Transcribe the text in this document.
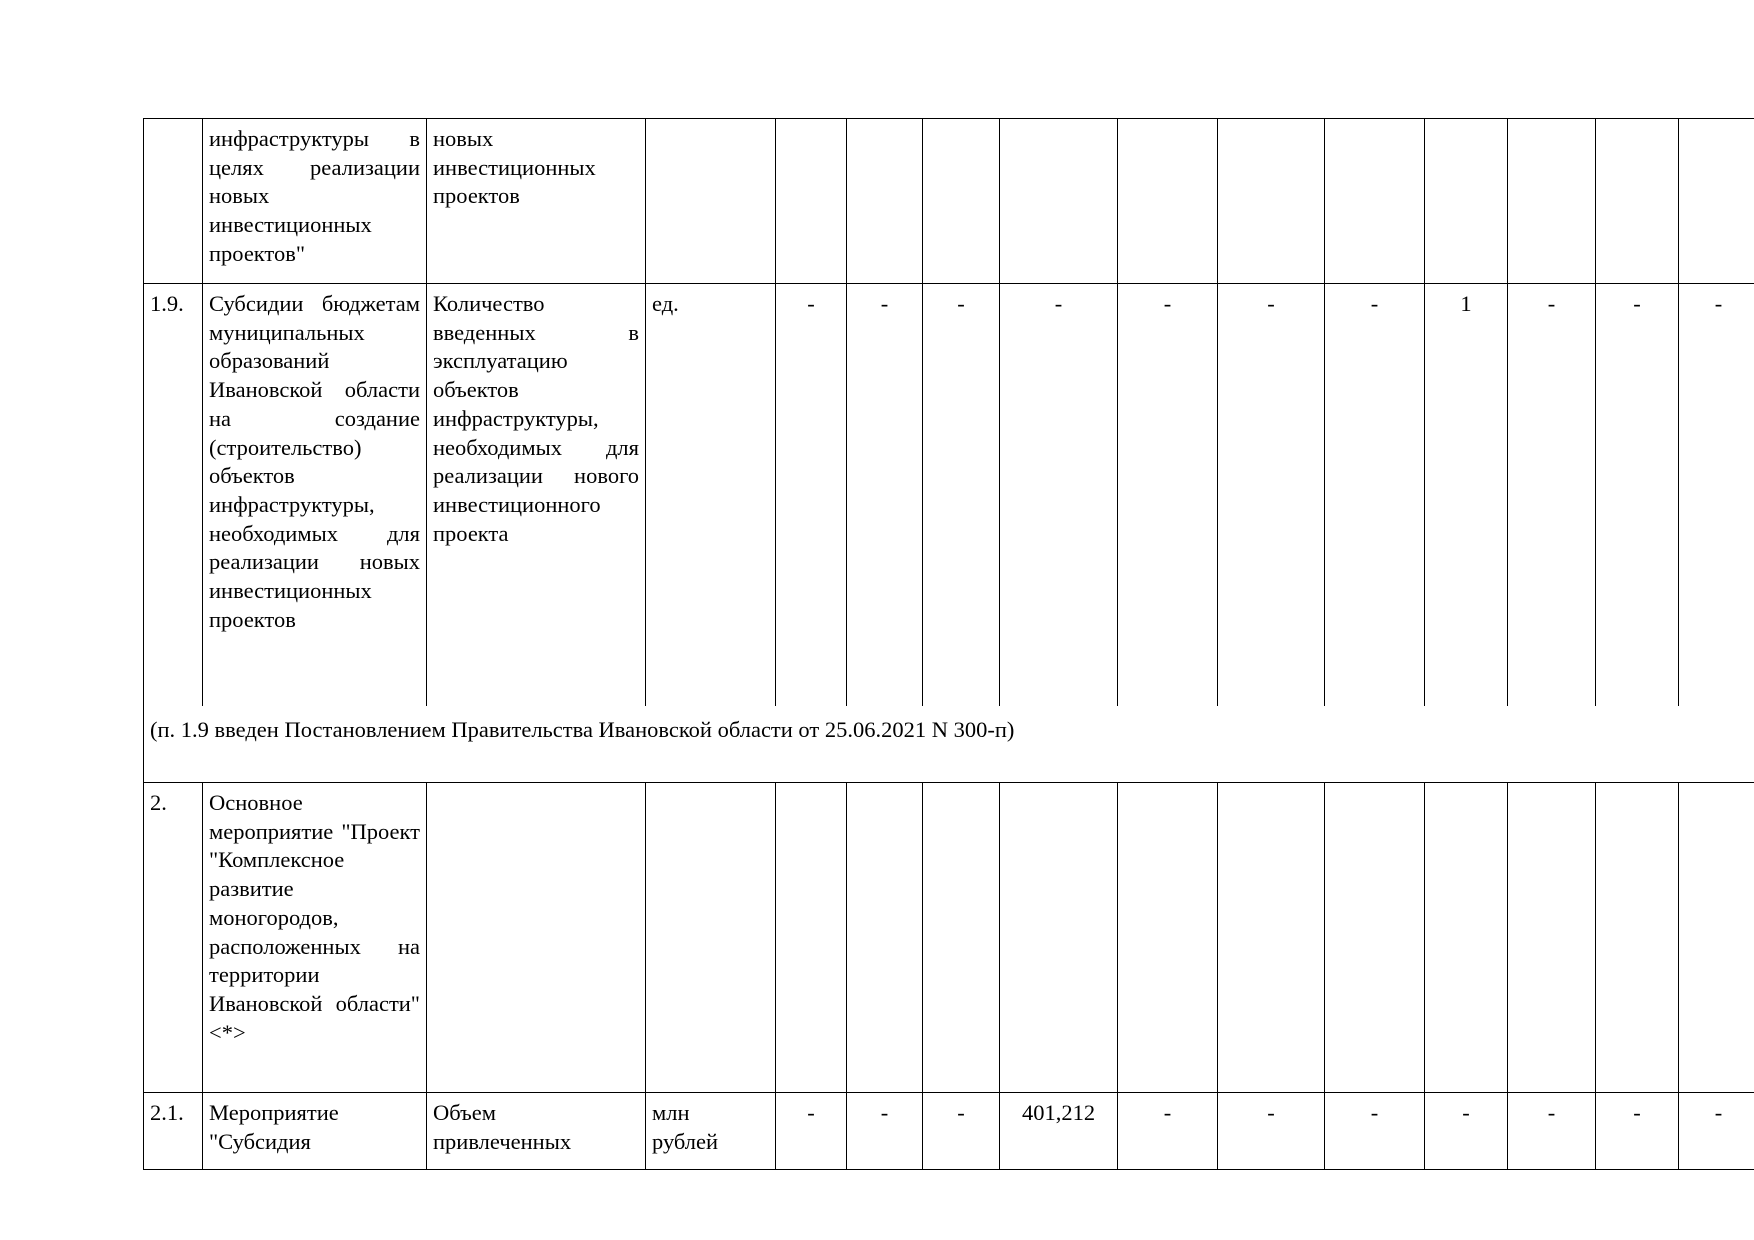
	инфраструктуры в целях реализации новых инвестиционных проектов"	новых инвестиционных проектов												
1.9.	Субсидии бюджетам муниципальных образований Ивановской области на создание (строительство) объектов инфраструктуры, необходимых для реализации новых инвестиционных проектов	Количество введенных в эксплуатацию объектов инфраструктуры, необходимых для реализации нового инвестиционного проекта	ед.	-	-	-	-	-	-	-	1	-	-	-

(п. 1.9 введен Постановлением Правительства Ивановской области от 25.06.2021 N 300-п)														

2.	Основное мероприятие "Проект "Комплексное развитие моногородов, расположенных на территории Ивановской области" <*>													
2.1.	Мероприятие "Субсидия	Объем привлеченных	млн рублей	-	-	-	401,212	-	-	-	-	-	-	-
